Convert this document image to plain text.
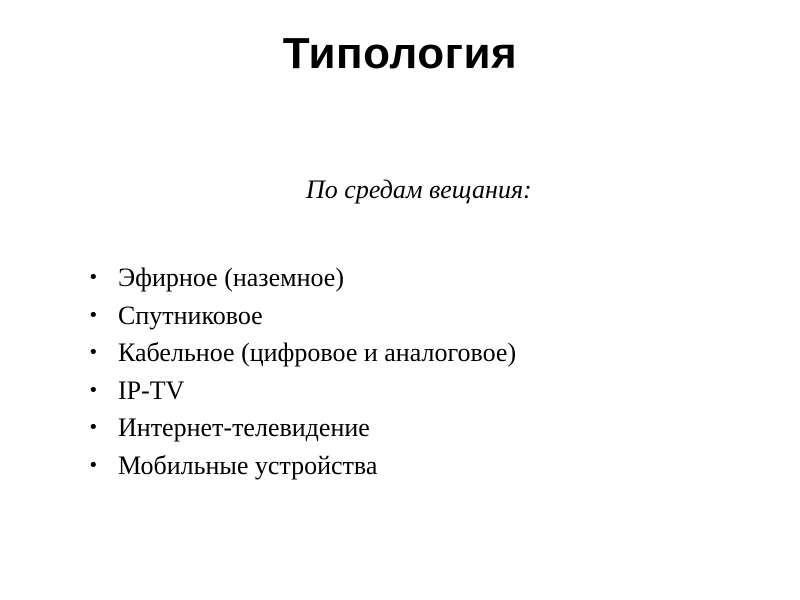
Типология
По средам вещания:
• Эфирное (наземное)
• Спутниковое
• Кабельное (цифровое и аналоговое)
• IP-TV
• Интернет-телевидение
• Мобильные устройства
